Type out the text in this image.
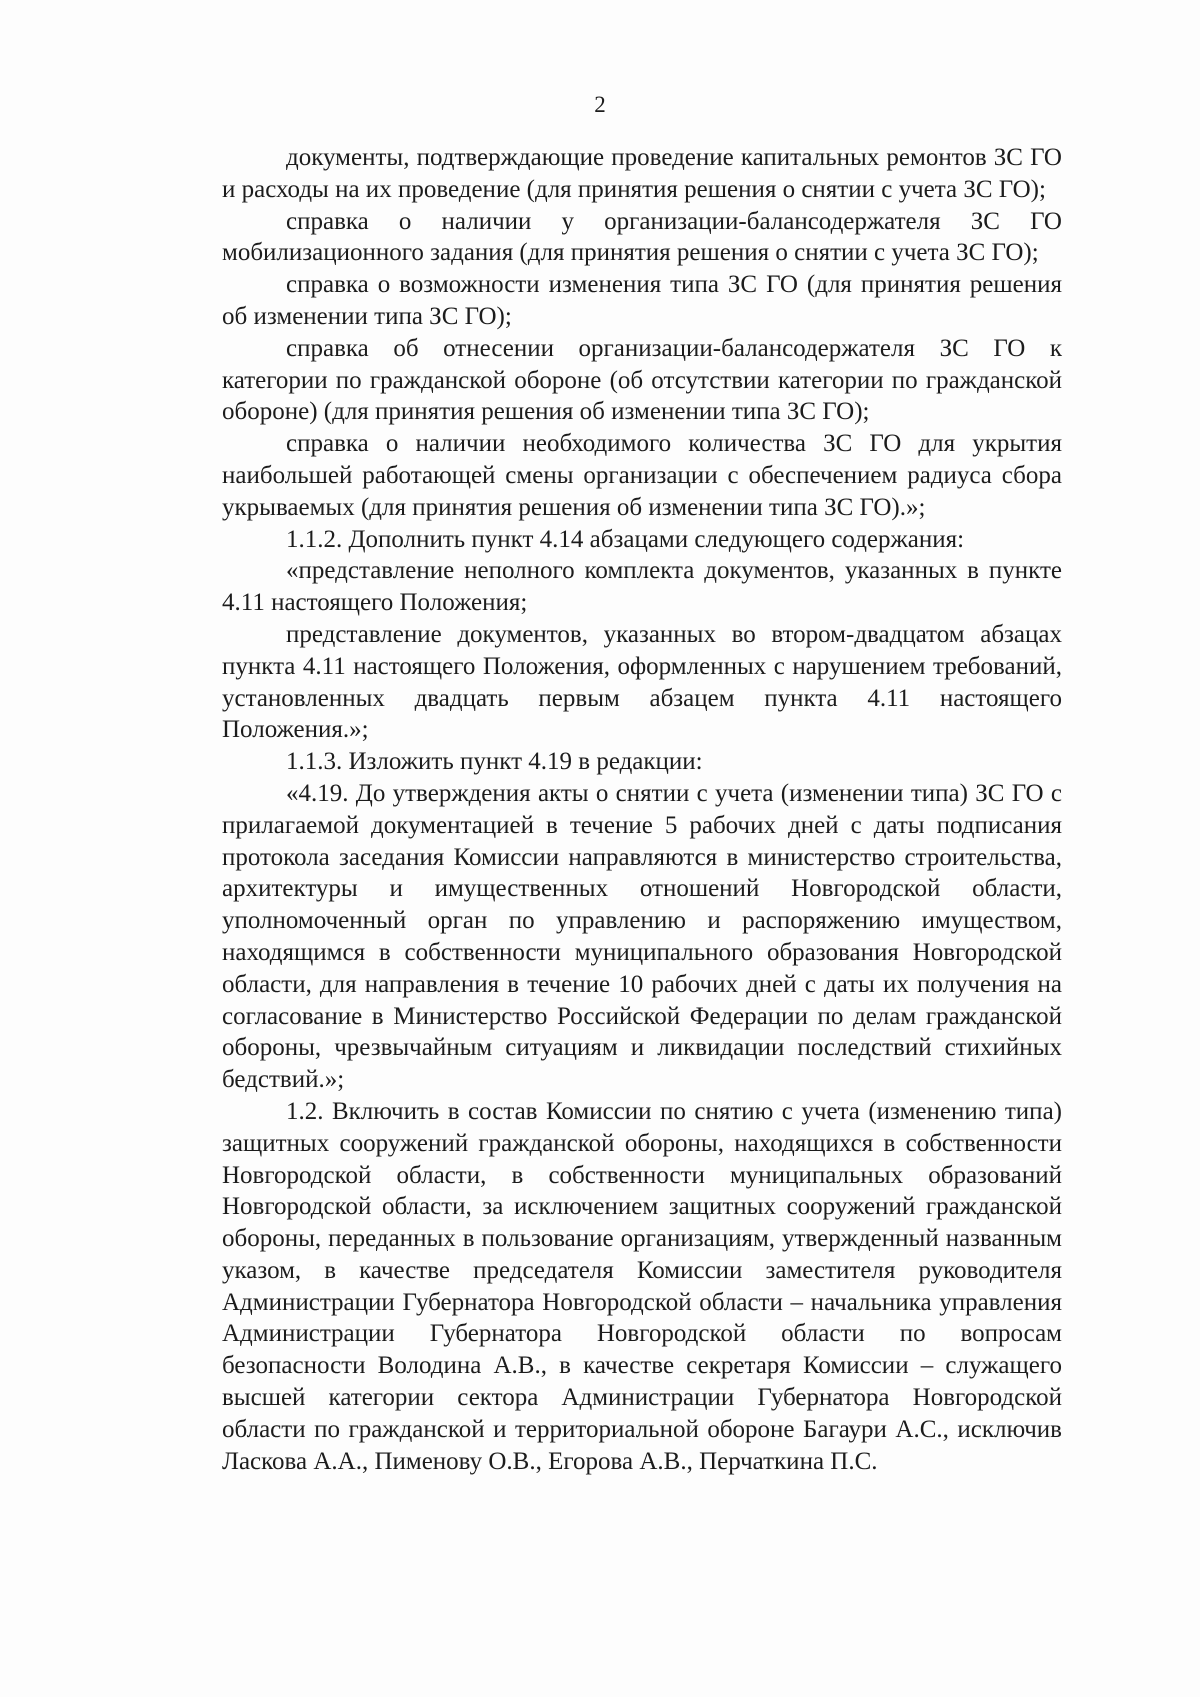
2

документы, подтверждающие проведение капитальных ремонтов ЗС ГО и расходы на их проведение (для принятия решения о снятии с учета ЗС ГО);

справка о наличии у организации-балансодержателя ЗС ГО мобилизационного задания (для принятия решения о снятии с учета ЗС ГО);

справка о возможности изменения типа ЗС ГО (для принятия решения об изменении типа ЗС ГО);

справка об отнесении организации-балансодержателя ЗС ГО к категории по гражданской обороне (об отсутствии категории по гражданской обороне) (для принятия решения об изменении типа ЗС ГО);

справка о наличии необходимого количества ЗС ГО для укрытия наибольшей работающей смены организации с обеспечением радиуса сбора укрываемых (для принятия решения об изменении типа ЗС ГО).»;

1.1.2. Дополнить пункт 4.14 абзацами следующего содержания:

«представление неполного комплекта документов, указанных в пункте 4.11 настоящего Положения;

представление документов, указанных во втором-двадцатом абзацах пункта 4.11 настоящего Положения, оформленных с нарушением требований, установленных двадцать первым абзацем пункта 4.11 настоящего Положения.»;

1.1.3. Изложить пункт 4.19 в редакции:

«4.19. До утверждения акты о снятии с учета (изменении типа) ЗС ГО с прилагаемой документацией в течение 5 рабочих дней с даты подписания протокола заседания Комиссии направляются в министерство строительства, архитектуры и имущественных отношений Новгородской области, уполномоченный орган по управлению и распоряжению имуществом, находящимся в собственности муниципального образования Новгородской области, для направления в течение 10 рабочих дней с даты их получения на согласование в Министерство Российской Федерации по делам гражданской обороны, чрезвычайным ситуациям и ликвидации последствий стихийных бедствий.»;

1.2. Включить в состав Комиссии по снятию с учета (изменению типа) защитных сооружений гражданской обороны, находящихся в собственности Новгородской области, в собственности муниципальных образований Новгородской области, за исключением защитных сооружений гражданской обороны, переданных в пользование организациям, утвержденный названным указом, в качестве председателя Комиссии заместителя руководителя Администрации Губернатора Новгородской области – начальника управления Администрации Губернатора Новгородской области по вопросам безопасности Володина А.В., в качестве секретаря Комиссии – служащего высшей категории сектора Администрации Губернатора Новгородской области по гражданской и территориальной обороне Багаури А.С., исключив Ласкова А.А., Пименову О.В., Егорова А.В., Перчаткина П.С.
